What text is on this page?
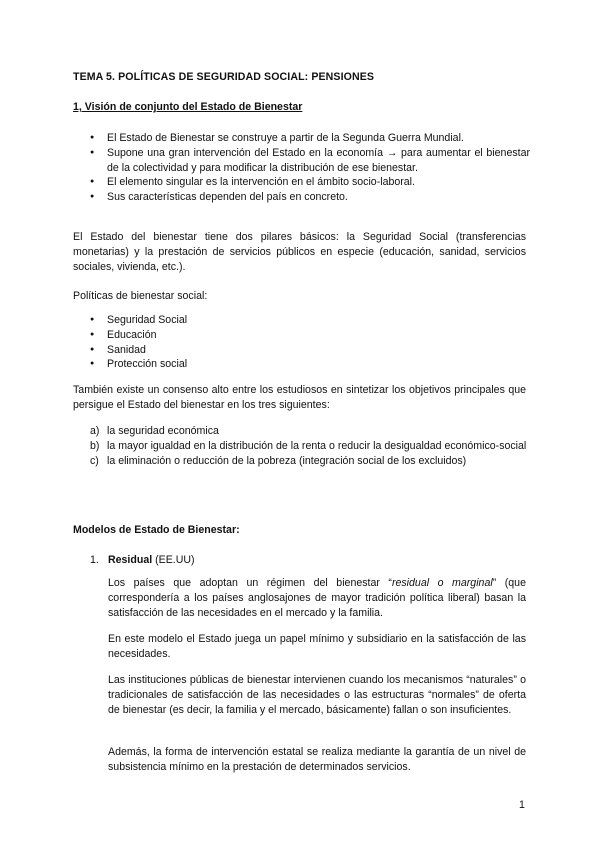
TEMA 5. POLÍTICAS DE SEGURIDAD SOCIAL: PENSIONES
1, Visión de conjunto del Estado de Bienestar
● El Estado de Bienestar se construye a partir de la Segunda Guerra Mundial.
● Supone una gran intervención del Estado en la economía → para aumentar el bienestar de la colectividad y para modificar la distribución de ese bienestar.
● El elemento singular es la intervención en el ámbito socio-laboral.
● Sus características dependen del país en concreto.

El Estado del bienestar tiene dos pilares básicos: la Seguridad Social (transferencias monetarias) y la prestación de servicios públicos en especie (educación, sanidad, servicios sociales, vivienda, etc.).

Políticas de bienestar social:

● Seguridad Social
● Educación
● Sanidad
● Protección social

También existe un consenso alto entre los estudiosos en sintetizar los objetivos principales que persigue el Estado del bienestar en los tres siguientes:

a) la seguridad económica
b) la mayor igualdad en la distribución de la renta o reducir la desigualdad económico-social
c) la eliminación o reducción de la pobreza (integración social de los excluidos)
Modelos de Estado de Bienestar:
1. Residual (EE.UU)

Los países que adoptan un régimen del bienestar “residual o marginal” (que correspondería a los países anglosajones de mayor tradición política liberal) basan la satisfacción de las necesidades en el mercado y la familia.

En este modelo el Estado juega un papel mínimo y subsidiario en la satisfacción de las necesidades.

Las instituciones públicas de bienestar intervienen cuando los mecanismos “naturales” o tradicionales de satisfacción de las necesidades o las estructuras “normales” de oferta de bienestar (es decir, la familia y el mercado, básicamente) fallan o son insuficientes.

Además, la forma de intervención estatal se realiza mediante la garantía de un nivel de subsistencia mínimo en la prestación de determinados servicios.

1
